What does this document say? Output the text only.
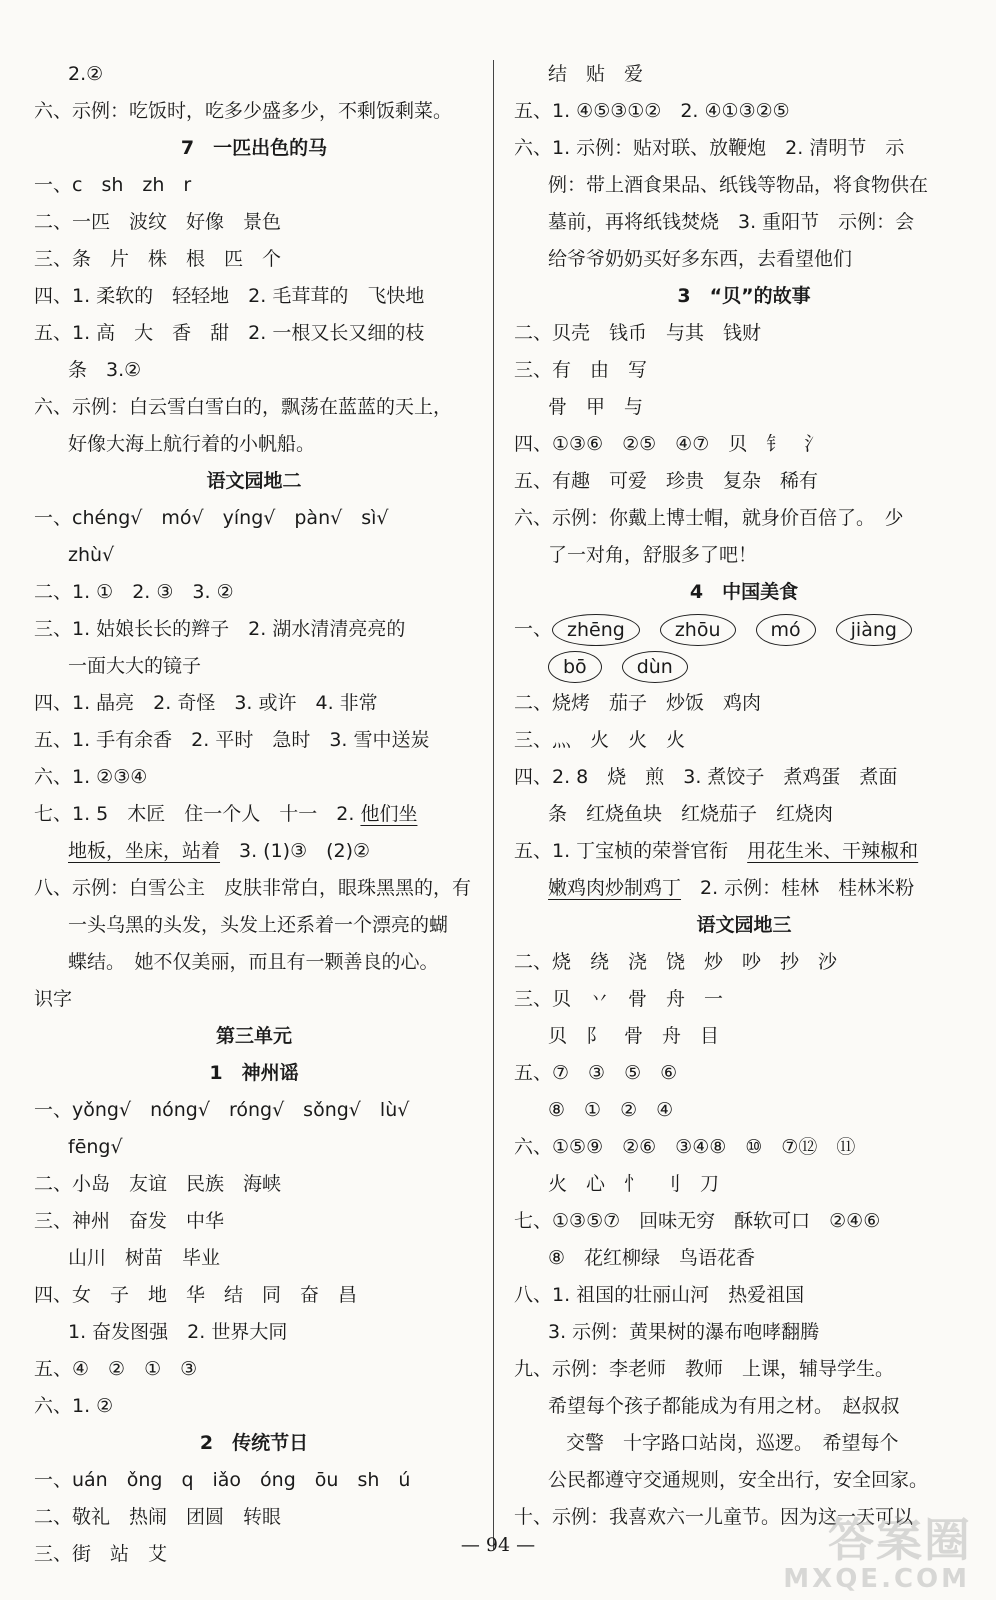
2.②
六、示例：吃饭时，吃多少盛多少，不剩饭剩菜。
7　一匹出色的马
一、c　sh　zh　r
二、一匹　波纹　好像　景色
三、条　片　株　根　匹　个
四、1. 柔软的　轻轻地　2. 毛茸茸的　飞快地
五、1. 高　大　香　甜　2. 一根又长又细的枝
条　3.②
六、示例：白云雪白雪白的，飘荡在蓝蓝的天上，
好像大海上航行着的小帆船。
语文园地二
一、chéng√　mó√　yíng√　pàn√　sì√
zhù√
二、1. ①　2. ③　3. ②
三、1. 姑娘长长的辫子　2. 湖水清清亮亮的
一面大大的镜子
四、1. 晶亮　2. 奇怪　3. 或许　4. 非常
五、1. 手有余香　2. 平时　急时　3. 雪中送炭
六、1. ②③④
七、1. 5　木匠　住一个人　十一　2. 他们坐
地板，坐床，站着　3. (1)③　(2)②
八、示例：白雪公主　皮肤非常白，眼珠黑黑的，有
一头乌黑的头发，头发上还系着一个漂亮的蝴
蝶结。　她不仅美丽，而且有一颗善良的心。
识字
第三单元
1　神州谣
一、yǒng√　nóng√　róng√　sǒng√　lù√
fēng√
二、小岛　友谊　民族　海峡
三、神州　奋发　中华
山川　树苗　毕业
四、女　子　地　华　结　同　奋　昌
1. 奋发图强　2. 世界大同
五、④　②　①　③
六、1. ②
2　传统节日
一、uán　ǒng　q　iǎo　óng　ōu　sh　ú
二、敬礼　热闹　团圆　转眼
三、街　站　艾
结　贴　爱
五、1. ④⑤③①②　2. ④①③②⑤
六、1. 示例：贴对联、放鞭炮　2. 清明节　示
例：带上酒食果品、纸钱等物品，将食物供在
墓前，再将纸钱焚烧　3. 重阳节　示例：会
给爷爷奶奶买好多东西，去看望他们
3　“贝”的故事
二、贝壳　钱币　与其　钱财
三、有　由　写
骨　甲　与
四、①③⑥　②⑤　④⑦　贝　钅　氵
五、有趣　可爱　珍贵　复杂　稀有
六、示例：你戴上博士帽，就身价百倍了。　少
了一对角，舒服多了吧！
4　中国美食
一、 zhēng	zhōu	mó	jiàng
bō	dùn
二、烧烤　茄子　炒饭　鸡肉
三、灬　火　火　火
四、2. 8　烧　煎　3. 煮饺子　煮鸡蛋　煮面
条　红烧鱼块　红烧茄子　红烧肉
五、1. 丁宝桢的荣誉官衔　用花生米、干辣椒和
嫩鸡肉炒制鸡丁　2. 示例：桂林　桂林米粉
语文园地三
二、烧　绕　浇　饶　炒　吵　抄　沙
三、贝　丷　骨　舟　一
贝　阝　骨　舟　目
五、⑦　③　⑤　⑥
⑧　①　②　④
六、①⑤⑨　②⑥　③④⑧　⑩　⑦⑫　⑪
火　心　忄　刂　刀
七、①③⑤⑦　回味无穷　酥软可口　②④⑥
⑧　花红柳绿　鸟语花香
八、1. 祖国的壮丽山河　热爱祖国
3. 示例：黄果树的瀑布咆哮翻腾
九、示例：李老师　教师　上课，辅导学生。
希望每个孩子都能成为有用之材。　赵叔叔
交警　十字路口站岗，巡逻。　希望每个
公民都遵守交通规则，安全出行，安全回家。
十、示例：我喜欢六一儿童节。因为这一天可以
— 94 —	答案圈
MXQE.COM
